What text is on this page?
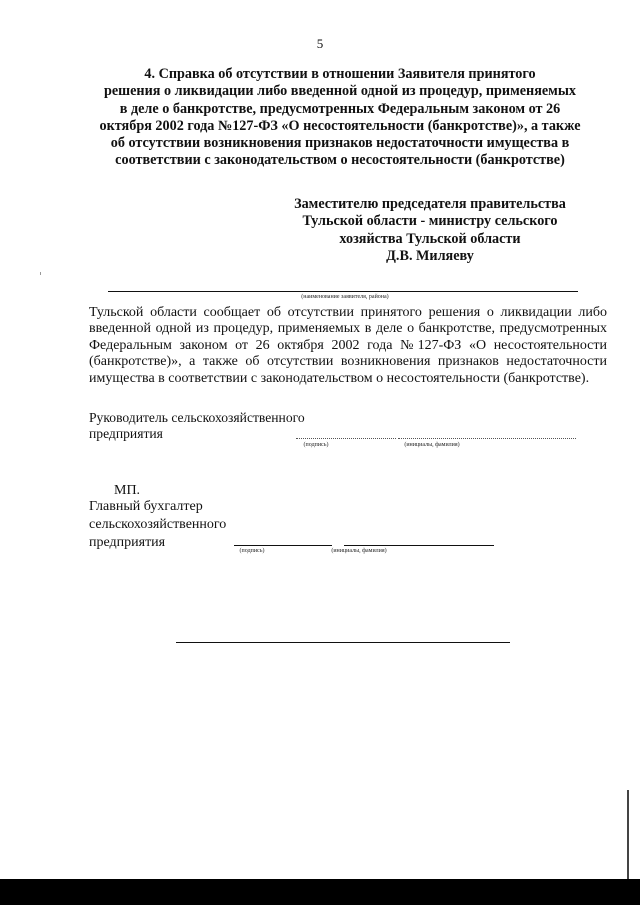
5
4. Справка об отсутствии в отношении Заявителя принятого
решения о ликвидации либо введенной одной из процедур, применяемых
в деле о банкротстве, предусмотренных Федеральным законом от 26
октября 2002 года №127-ФЗ «О несостоятельности (банкротстве)», а также
об отсутствии возникновения признаков недостаточности имущества в
соответствии с законодательством о несостоятельности (банкротстве)
Заместителю председателя правительства
Тульской области - министру сельского
хозяйства Тульской области
Д.В. Миляеву
(наименование заявителя, района)
Тульской области сообщает об отсутствии принятого решения о ликвидации либо введенной одной из процедур, применяемых в деле о банкротстве, предусмотренных Федеральным законом от 26 октября 2002 года №127-ФЗ «О несостоятельности (банкротстве)», а также об отсутствии возникновения признаков недостаточности имущества в соответствии с законодательством о несостоятельности (банкротстве).
Руководитель сельскохозяйственного
предприятия
(подпись)	(инициалы, фамилия)
МП.
Главный бухгалтер
сельскохозяйственного
предприятия
(подпись)	(инициалы, фамилия)
